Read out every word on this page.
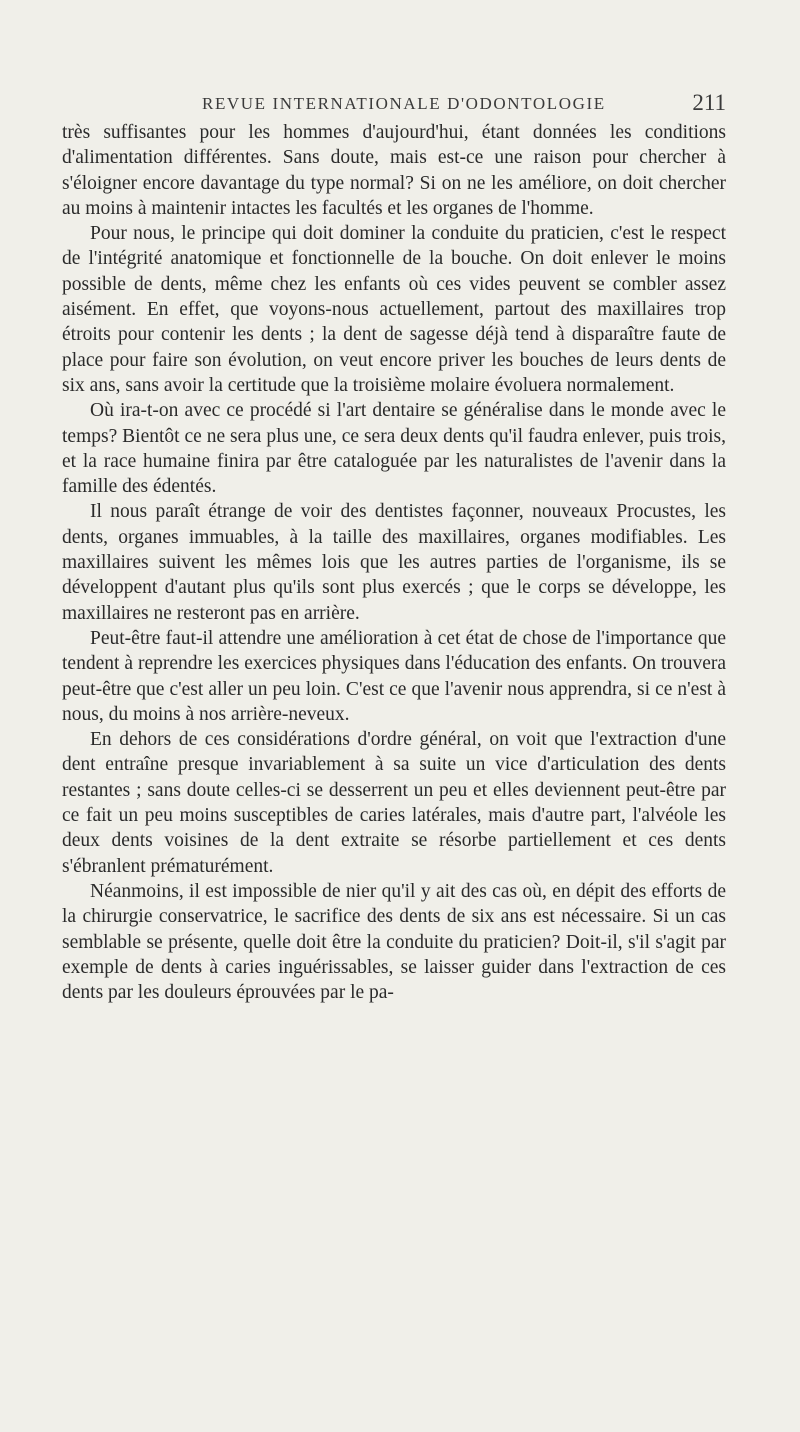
REVUE INTERNATIONALE D'ODONTOLOGIE	211

très suffisantes pour les hommes d'aujourd'hui, étant données les conditions d'alimentation différentes. Sans doute, mais est-ce une raison pour chercher à s'éloigner encore davantage du type normal? Si on ne les améliore, on doit chercher au moins à maintenir intactes les facultés et les organes de l'homme.

Pour nous, le principe qui doit dominer la conduite du praticien, c'est le respect de l'intégrité anatomique et fonctionnelle de la bouche. On doit enlever le moins possible de dents, même chez les enfants où ces vides peuvent se combler assez aisément. En effet, que voyons-nous actuellement, partout des maxillaires trop étroits pour contenir les dents ; la dent de sagesse déjà tend à disparaître faute de place pour faire son évolution, on veut encore priver les bouches de leurs dents de six ans, sans avoir la certitude que la troisième molaire évoluera normalement.

Où ira-t-on avec ce procédé si l'art dentaire se généralise dans le monde avec le temps? Bientôt ce ne sera plus une, ce sera deux dents qu'il faudra enlever, puis trois, et la race humaine finira par être cataloguée par les naturalistes de l'avenir dans la famille des édentés.

Il nous paraît étrange de voir des dentistes façonner, nouveaux Procustes, les dents, organes immuables, à la taille des maxillaires, organes modifiables. Les maxillaires suivent les mêmes lois que les autres parties de l'organisme, ils se développent d'autant plus qu'ils sont plus exercés ; que le corps se développe, les maxillaires ne resteront pas en arrière.

Peut-être faut-il attendre une amélioration à cet état de chose de l'importance que tendent à reprendre les exercices physiques dans l'éducation des enfants. On trouvera peut-être que c'est aller un peu loin. C'est ce que l'avenir nous apprendra, si ce n'est à nous, du moins à nos arrière-neveux.

En dehors de ces considérations d'ordre général, on voit que l'extraction d'une dent entraîne presque invariablement à sa suite un vice d'articulation des dents restantes ; sans doute celles-ci se desserrent un peu et elles deviennent peut-être par ce fait un peu moins susceptibles de caries latérales, mais d'autre part, l'alvéole les deux dents voisines de la dent extraite se résorbe partiellement et ces dents s'ébranlent prématurément.

Néanmoins, il est impossible de nier qu'il y ait des cas où, en dépit des efforts de la chirurgie conservatrice, le sacrifice des dents de six ans est nécessaire. Si un cas semblable se présente, quelle doit être la conduite du praticien? Doit-il, s'il s'agit par exemple de dents à caries inguérissables, se laisser guider dans l'extraction de ces dents par les douleurs éprouvées par le pa-
